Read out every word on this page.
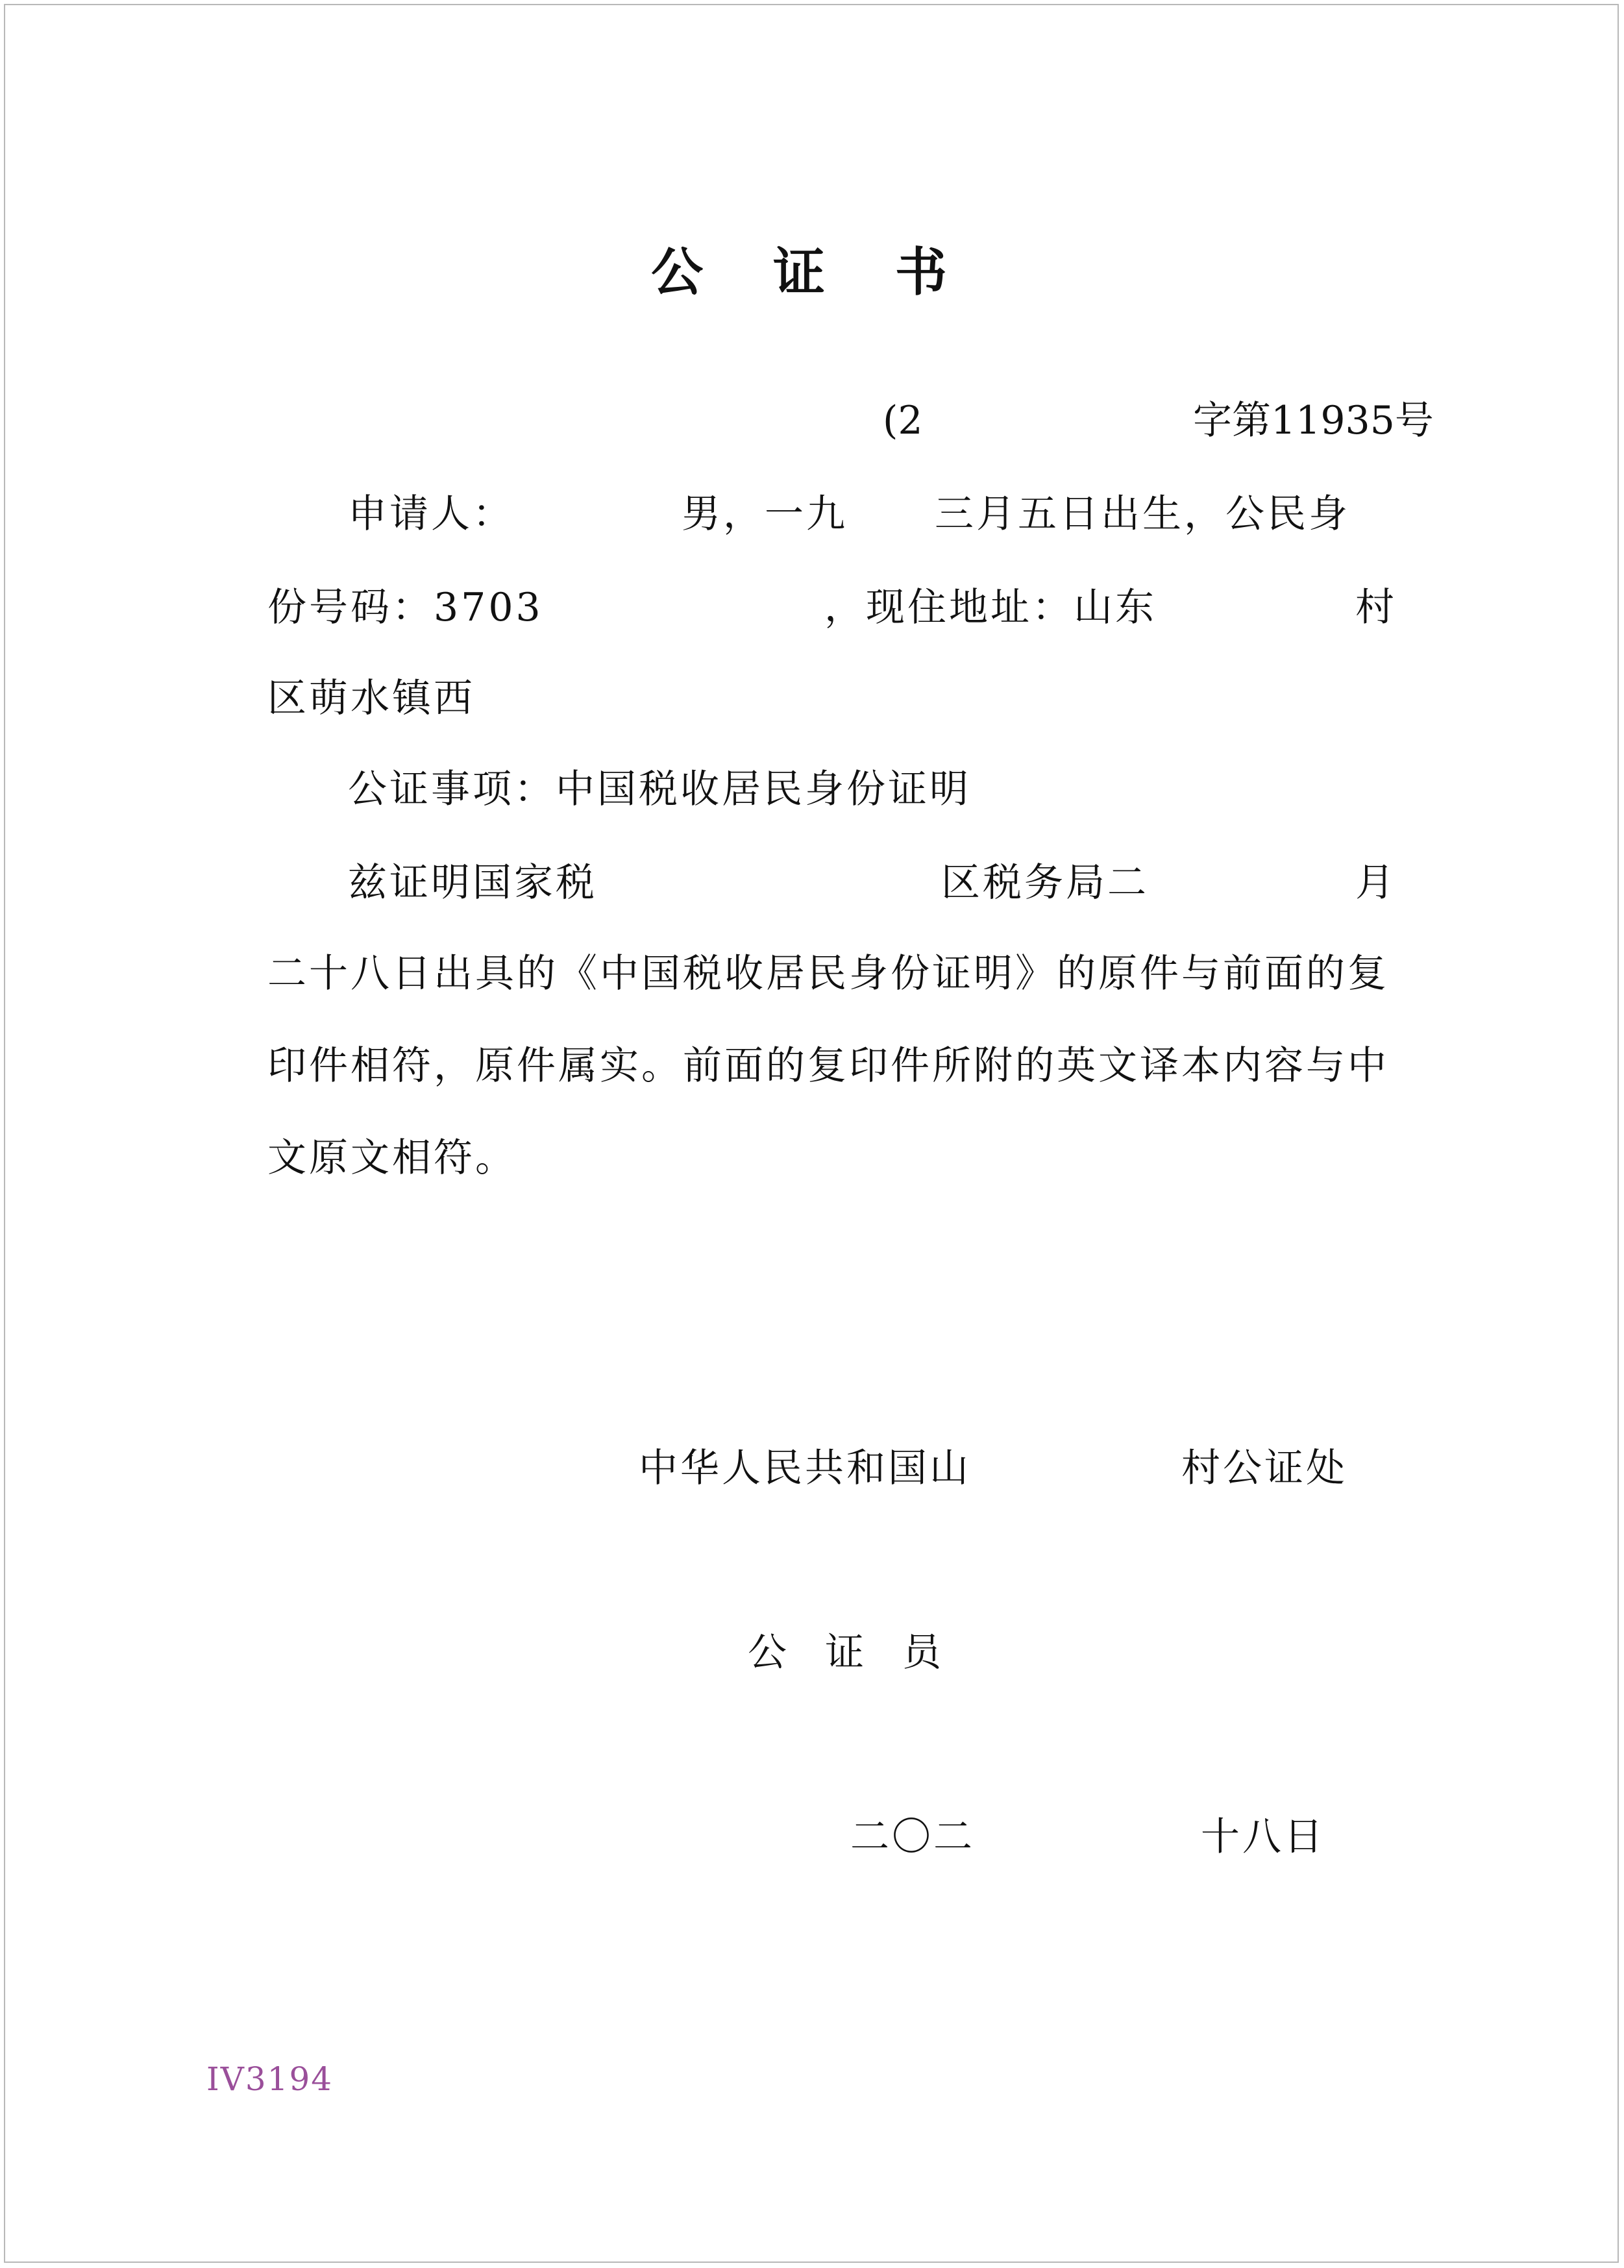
公 证 书
(2	字第11935号
申请人：	男，一九 三月五日出生，公民身
份号码：3703	，现住地址：山东	村
区萌水镇西
公证事项：中国税收居民身份证明
兹证明国家税	区税务局二	月
二十八日出具的《中国税收居民身份证明》的原件与前面的复
印件相符，原件属实。前面的复印件所附的英文译本内容与中
文原文相符。
中华人民共和国山	村公证处
公 证 员
二〇二	十八日
IV3194
